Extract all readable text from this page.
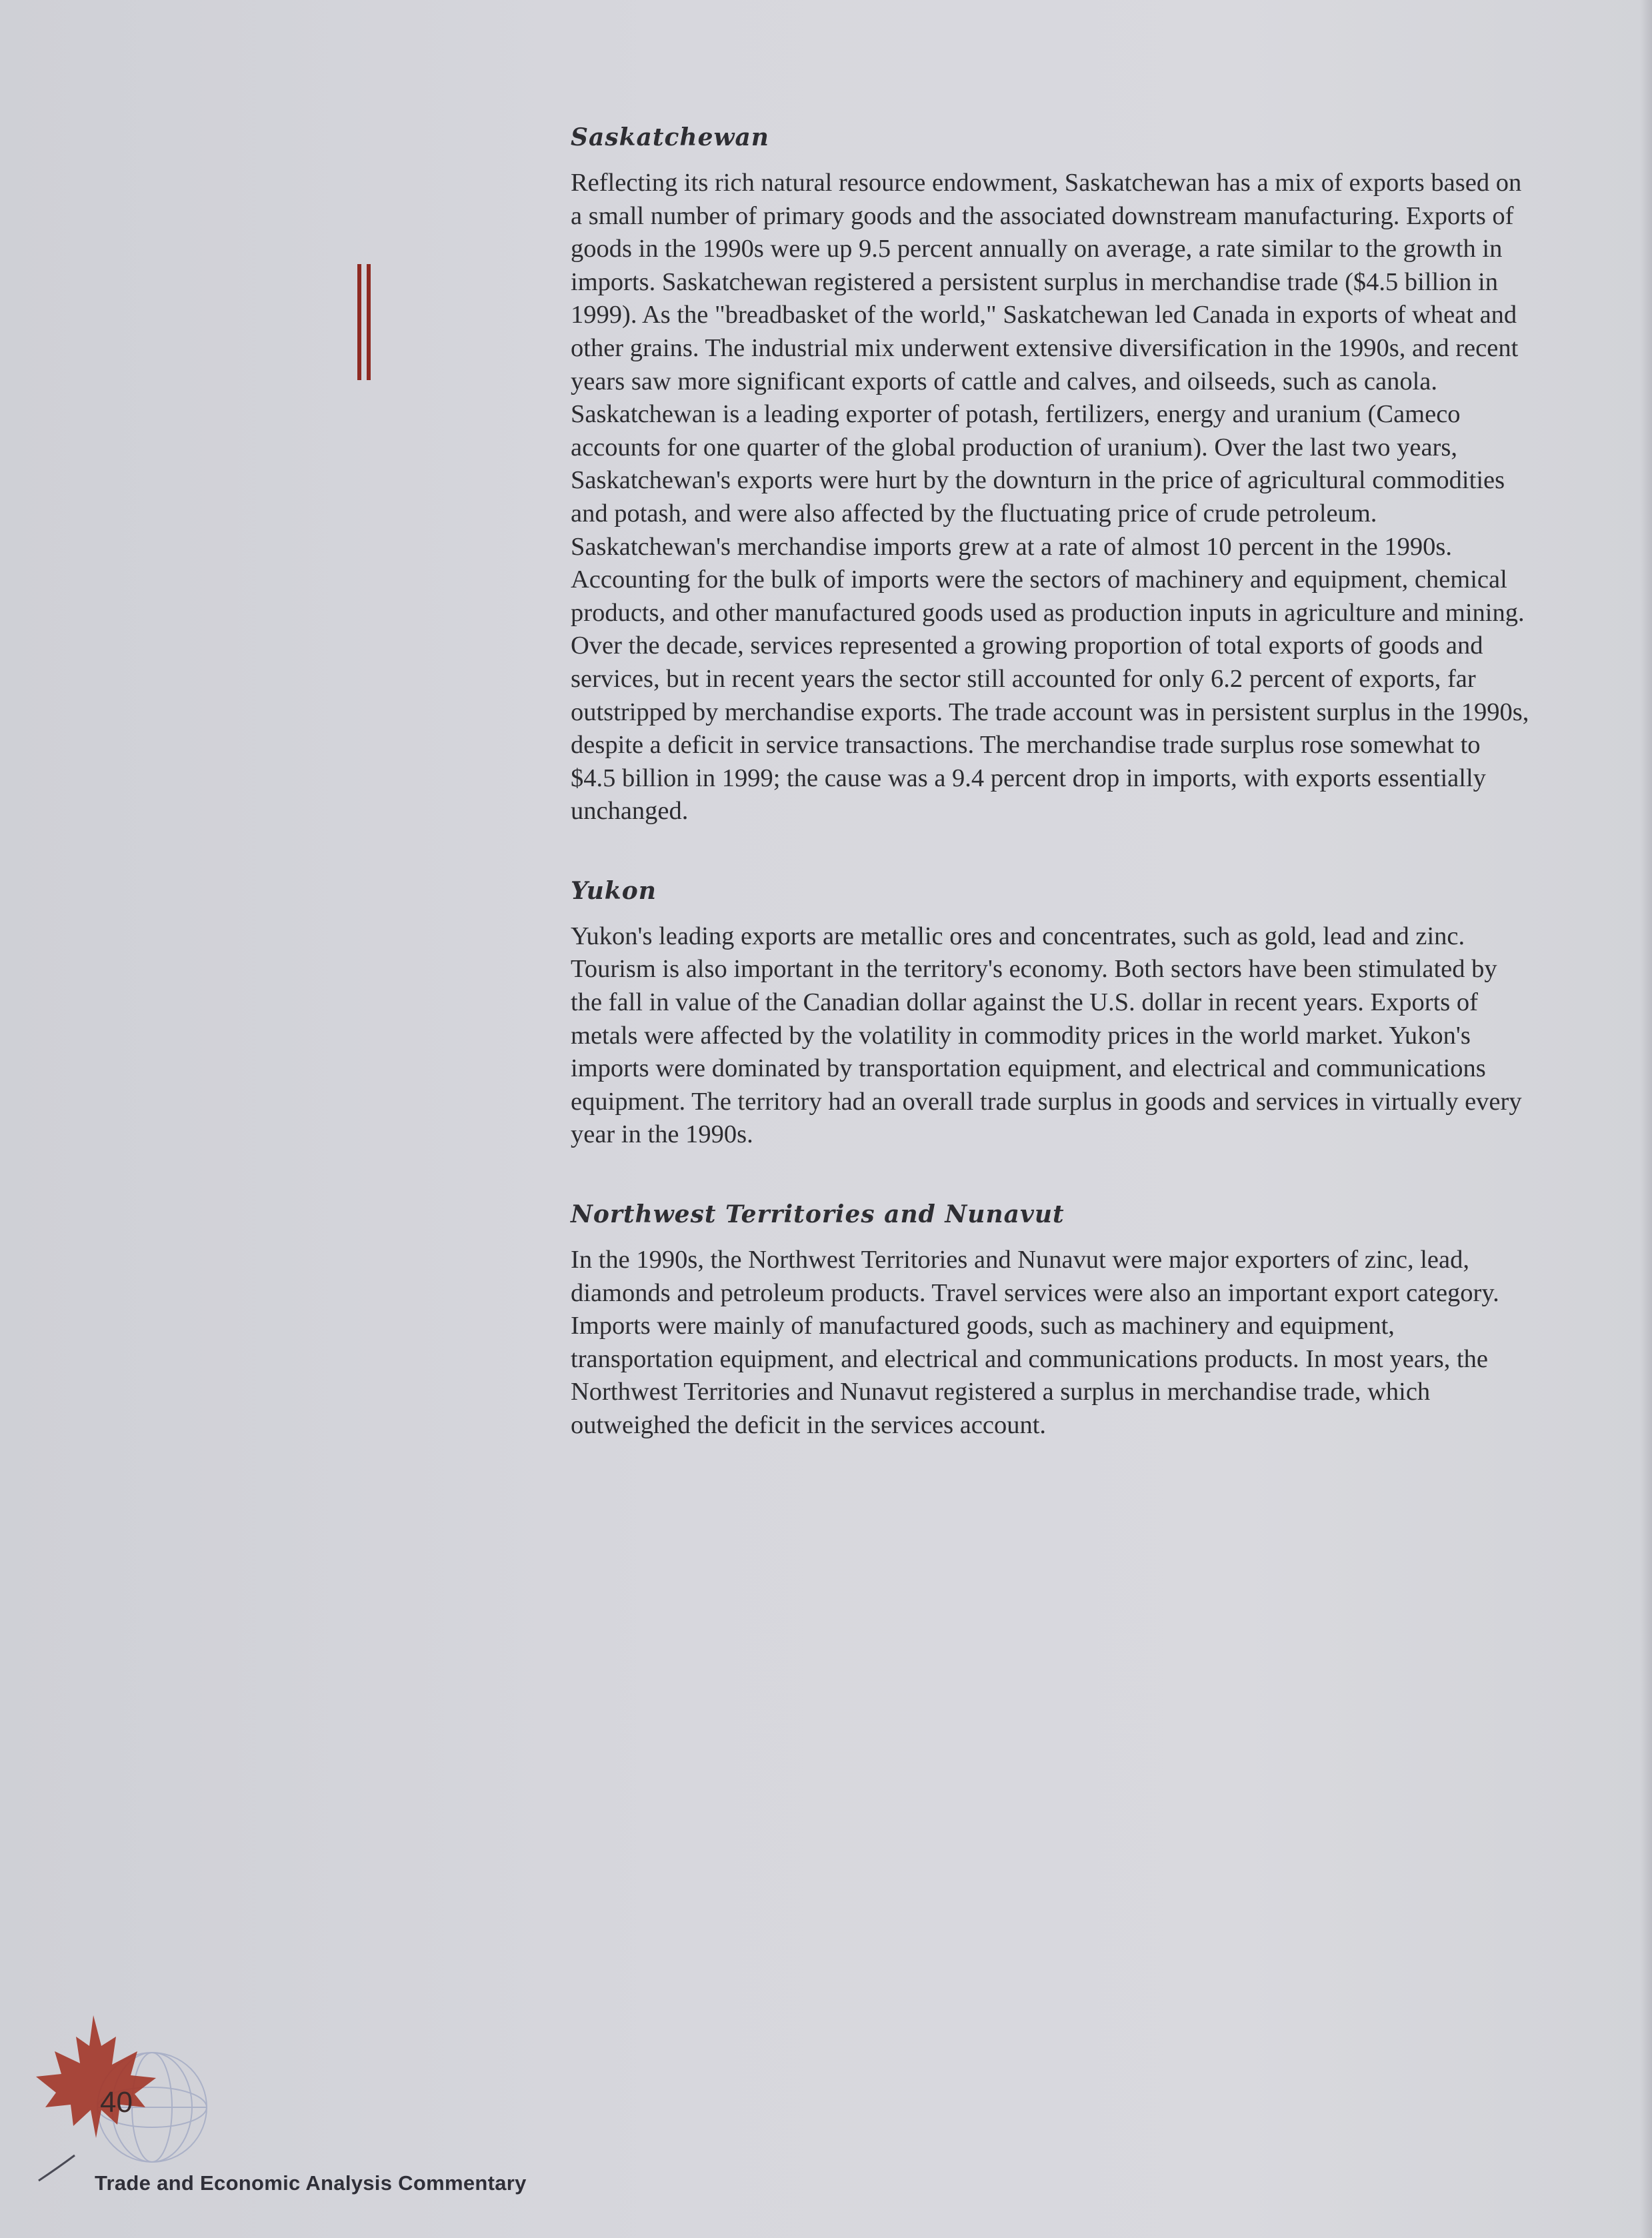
Saskatchewan

Reflecting its rich natural resource endowment, Saskatchewan has a mix of exports based on a small number of primary goods and the associated downstream manufacturing. Exports of goods in the 1990s were up 9.5 percent annually on average, a rate similar to the growth in imports. Saskatchewan registered a persistent surplus in merchandise trade ($4.5 billion in 1999). As the "breadbasket of the world," Saskatchewan led Canada in exports of wheat and other grains. The industrial mix underwent extensive diversification in the 1990s, and recent years saw more significant exports of cattle and calves, and oilseeds, such as canola. Saskatchewan is a leading exporter of potash, fertilizers, energy and uranium (Cameco accounts for one quarter of the global production of uranium). Over the last two years, Saskatchewan's exports were hurt by the downturn in the price of agricultural commodities and potash, and were also affected by the fluctuating price of crude petroleum. Saskatchewan's merchandise imports grew at a rate of almost 10 percent in the 1990s. Accounting for the bulk of imports were the sectors of machinery and equipment, chemical products, and other manufactured goods used as production inputs in agriculture and mining. Over the decade, services represented a growing proportion of total exports of goods and services, but in recent years the sector still accounted for only 6.2 percent of exports, far outstripped by merchandise exports. The trade account was in persistent surplus in the 1990s, despite a deficit in service transactions. The merchandise trade surplus rose somewhat to $4.5 billion in 1999; the cause was a 9.4 percent drop in imports, with exports essentially unchanged.

Yukon

Yukon's leading exports are metallic ores and concentrates, such as gold, lead and zinc. Tourism is also important in the territory's economy. Both sectors have been stimulated by the fall in value of the Canadian dollar against the U.S. dollar in recent years. Exports of metals were affected by the volatility in commodity prices in the world market. Yukon's imports were dominated by transportation equipment, and electrical and communications equipment. The territory had an overall trade surplus in goods and services in virtually every year in the 1990s.

Northwest Territories and Nunavut

In the 1990s, the Northwest Territories and Nunavut were major exporters of zinc, lead, diamonds and petroleum products. Travel services were also an important export category. Imports were mainly of manufactured goods, such as machinery and equipment, transportation equipment, and electrical and communications products. In most years, the Northwest Territories and Nunavut registered a surplus in merchandise trade, which outweighed the deficit in the services account.

40
Trade and Economic Analysis Commentary
